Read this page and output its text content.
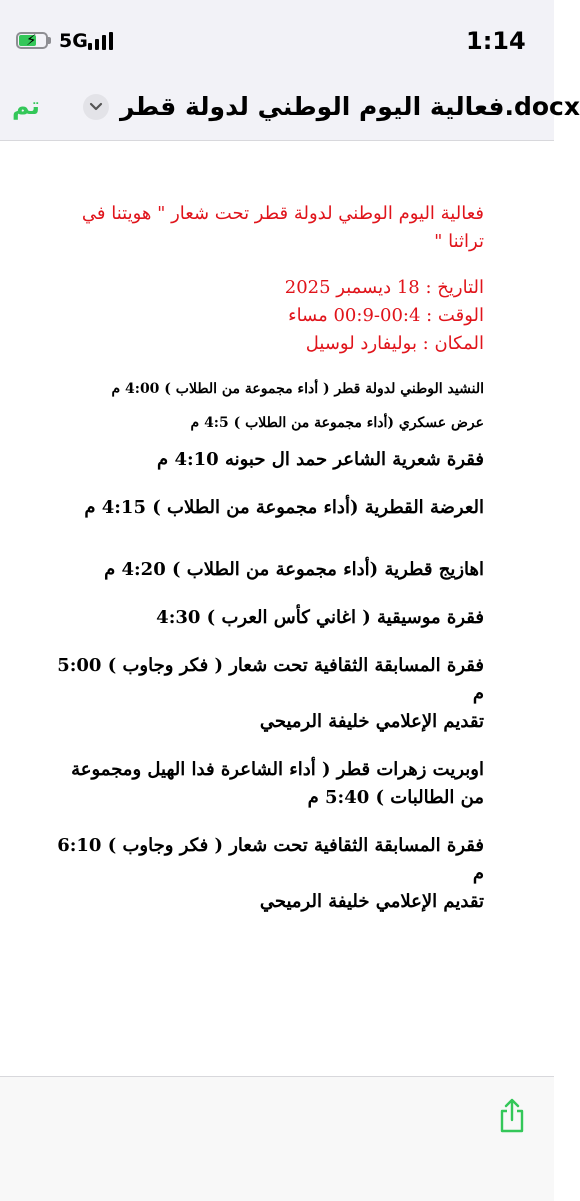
⚡ 5G	1:14
تم	فعالية اليوم الوطني لدولة قطر.docx

فعالية اليوم الوطني لدولة قطر تحت شعار " هويتنا في تراثنا "

التاريخ : 18 ديسمبر 2025

الوقت : 00:4-00:9 مساء

المكان : بوليفارد لوسيل

النشيد الوطني لدولة قطر ( أداء مجموعة من الطلاب ) 4:00 م

عرض عسكري (أداء مجموعة من الطلاب ) 4:5 م

فقرة شعرية الشاعر حمد ال حبونه 4:10 م

العرضة القطرية (أداء مجموعة من الطلاب ) 4:15 م

اهازيج قطرية (أداء مجموعة من الطلاب ) 4:20 م

فقرة موسيقية ( اغاني كأس العرب ) 4:30

فقرة المسابقة الثقافية تحت شعار ( فكر وجاوب ) 5:00 م

تقديم الإعلامي خليفة الرميحي

اوبريت زهرات قطر ( أداء الشاعرة فدا الهيل ومجموعة من الطالبات ) 5:40 م

فقرة المسابقة الثقافية تحت شعار ( فكر وجاوب ) 6:10 م

تقديم الإعلامي خليفة الرميحي
